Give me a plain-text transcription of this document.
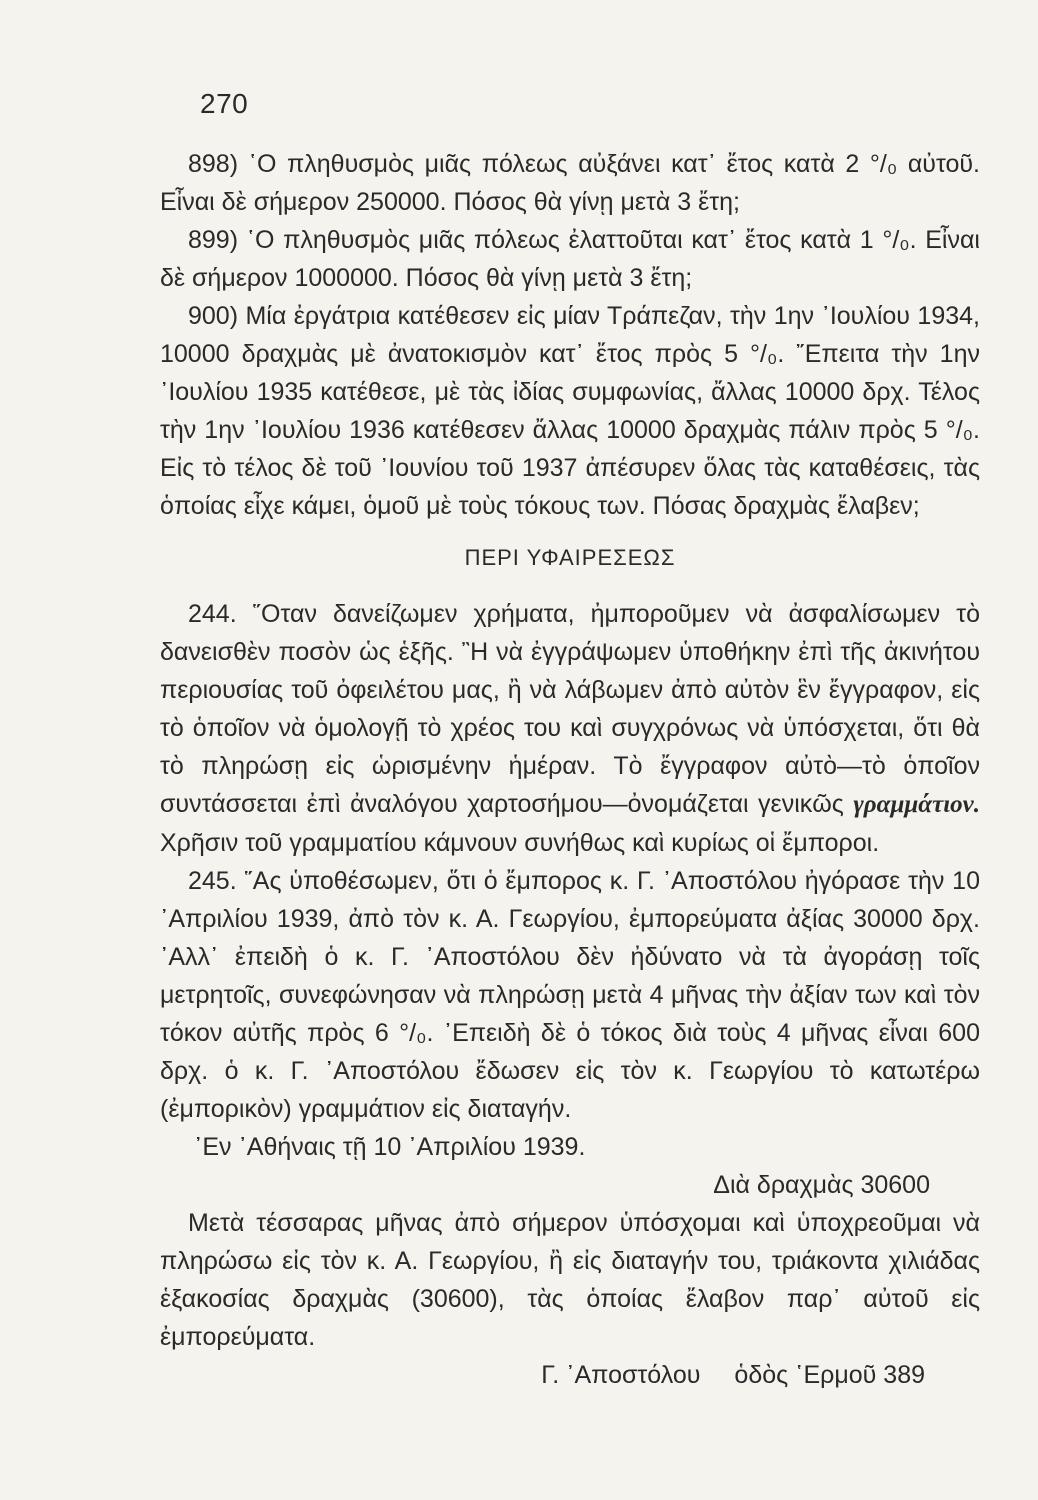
270

898) ῾Ο πληθυσμὸς μιᾶς πόλεως αὐξάνει κατ᾽ ἔτος κατὰ 2 °/₀ αὐτοῦ. Εἶναι δὲ σήμερον 250000. Πόσος θὰ γίνῃ μετὰ 3 ἔτη;

899) ῾Ο πληθυσμὸς μιᾶς πόλεως ἐλαττοῦται κατ᾽ ἔτος κατὰ 1 °/₀. Εἶναι δὲ σήμερον 1000000. Πόσος θὰ γίνῃ μετὰ 3 ἔτη;

900) Μία ἐργάτρια κατέθεσεν εἰς μίαν Τράπεζαν, τὴν 1ην ᾽Ιουλίου 1934, 10000 δραχμὰς μὲ ἀνατοκισμὸν κατ᾽ ἔτος πρὸς 5 °/₀. ῎Επειτα τὴν 1ην ᾽Ιουλίου 1935 κατέθεσε, μὲ τὰς ἰδίας συμφωνίας, ἄλλας 10000 δρχ. Τέλος τὴν 1ην ᾽Ιουλίου 1936 κατέθεσεν ἄλλας 10000 δραχμὰς πάλιν πρὸς 5 °/₀. Εἰς τὸ τέλος δὲ τοῦ ᾽Ιουνίου τοῦ 1937 ἀπέσυρεν ὅλας τὰς καταθέσεις, τὰς ὁποίας εἶχε κάμει, ὁμοῦ μὲ τοὺς τόκους των. Πόσας δραχμὰς ἔλαβεν;

ΠΕΡΙ ΥΦΑΙΡΕΣΕΩΣ

244. ῞Οταν δανείζωμεν χρήματα, ἠμποροῦμεν νὰ ἀσφαλίσωμεν τὸ δανεισθὲν ποσὸν ὡς ἑξῆς. ῍Η νὰ ἐγγράψωμεν ὑποθήκην ἐπὶ τῆς ἀκινήτου περιουσίας τοῦ ὀφειλέτου μας, ἢ νὰ λάβωμεν ἀπὸ αὐτὸν ἓν ἔγγραφον, εἰς τὸ ὁποῖον νὰ ὁμολογῇ τὸ χρέος του καὶ συγχρόνως νὰ ὑπόσχεται, ὅτι θὰ τὸ πληρώσῃ εἰς ὡρισμένην ἡμέραν. Τὸ ἔγγραφον αὐτὸ—τὸ ὁποῖον συντάσσεται ἐπὶ ἀναλόγου χαρτοσήμου—ὀνομάζεται γενικῶς γραμμάτιον. Χρῆσιν τοῦ γραμματίου κάμνουν συνήθως καὶ κυρίως οἱ ἔμποροι.

245. ῞Ας ὑποθέσωμεν, ὅτι ὁ ἔμπορος κ. Γ. ᾽Αποστόλου ἠγόρασε τὴν 10 ᾽Απριλίου 1939, ἀπὸ τὸν κ. Α. Γεωργίου, ἐμπορεύματα ἀξίας 30000 δρχ. ᾽Αλλ᾽ ἐπειδὴ ὁ κ. Γ. ᾽Αποστόλου δὲν ἠδύνατο νὰ τὰ ἀγοράσῃ τοῖς μετρητοῖς, συνεφώνησαν νὰ πληρώσῃ μετὰ 4 μῆνας τὴν ἀξίαν των καὶ τὸν τόκον αὐτῆς πρὸς 6 °/₀. ᾽Επειδὴ δὲ ὁ τόκος διὰ τοὺς 4 μῆνας εἶναι 600 δρχ. ὁ κ. Γ. ᾽Αποστόλου ἔδωσεν εἰς τὸν κ. Γεωργίου τὸ κατωτέρω (ἐμπορικὸν) γραμμάτιον εἰς διαταγήν.

᾽Εν ᾽Αθήναις τῇ 10 ᾽Απριλίου 1939.

Διὰ δραχμὰς 30600

Μετὰ τέσσαρας μῆνας ἀπὸ σήμερον ὑπόσχομαι καὶ ὑποχρεοῦμαι νὰ πληρώσω εἰς τὸν κ. Α. Γεωργίου, ἢ εἰς διαταγήν του, τριάκοντα χιλιάδας ἑξακοσίας δραχμὰς (30600), τὰς ὁποίας ἔλαβον παρ᾽ αὐτοῦ εἰς ἐμπορεύματα.

Γ. ᾽Αποστόλου ὁδὸς ῾Ερμοῦ 389
